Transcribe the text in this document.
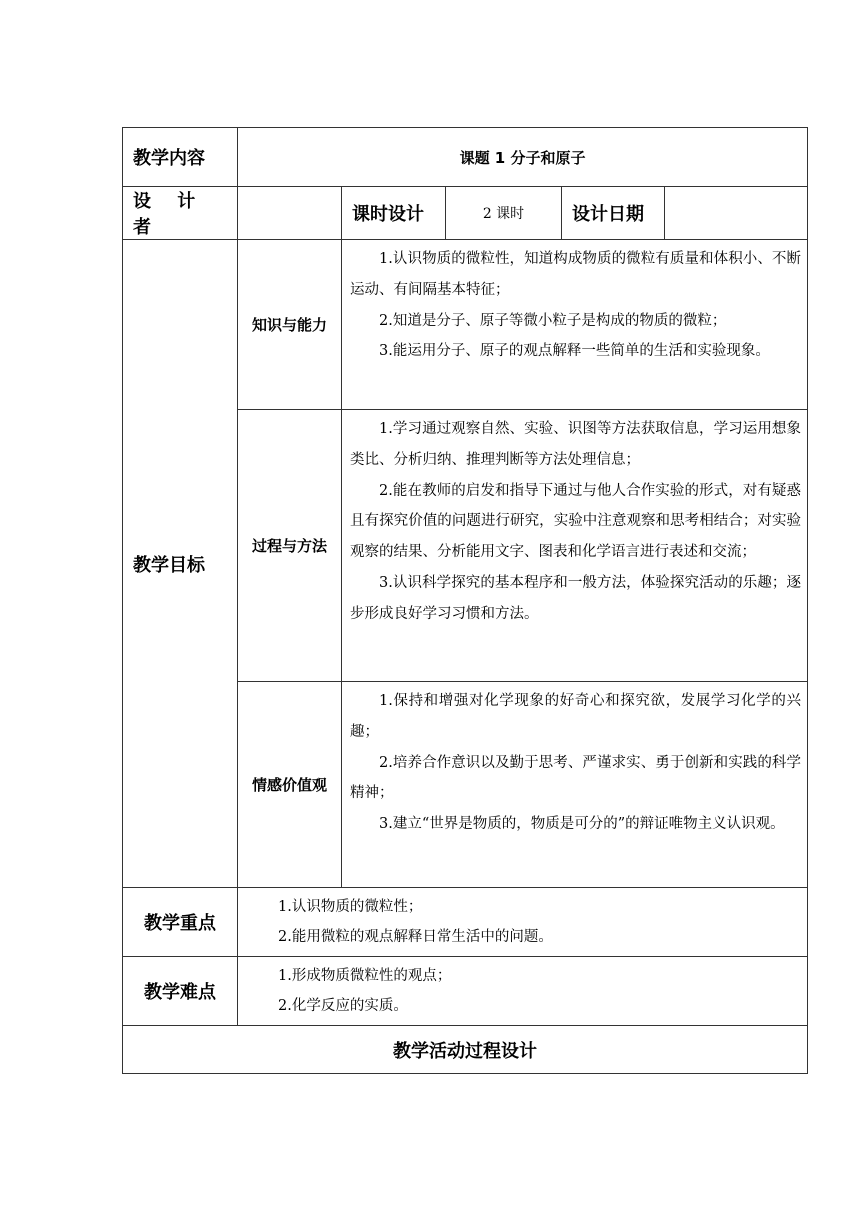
教学内容	课题 1 分子和原子				
设 计 者		课时设计	2 课时	设计日期	
教学目标	知识与能力	1.认识物质的微粒性，知道构成物质的微粒有质量和体积小、不断运动、有间隔基本特征；

2.知道是分子、原子等微小粒子是构成的物质的微粒；

3.能运用分子、原子的观点解释一些简单的生活和实验现象。			

	过程与方法	1.学习通过观察自然、实验、识图等方法获取信息，学习运用想象类比、分析归纳、推理判断等方法处理信息；

2.能在教师的启发和指导下通过与他人合作实验的形式，对有疑惑且有探究价值的问题进行研究，实验中注意观察和思考相结合；对实验观察的结果、分析能用文字、图表和化学语言进行表述和交流；

3.认识科学探究的基本程序和一般方法，体验探究活动的乐趣；逐步形成良好学习习惯和方法。			

	情感价值观	1.保持和增强对化学现象的好奇心和探究欲，发展学习化学的兴趣；

2.培养合作意识以及勤于思考、严谨求实、勇于创新和实践的科学精神；

3.建立“世界是物质的，物质是可分的”的辩证唯物主义认识观。			

教学重点	1.认识物质的微粒性；

2.能用微粒的观点解释日常生活中的问题。				

教学难点	1.形成物质微粒性的观点；

2.化学反应的实质。				

教学活动过程设计					
